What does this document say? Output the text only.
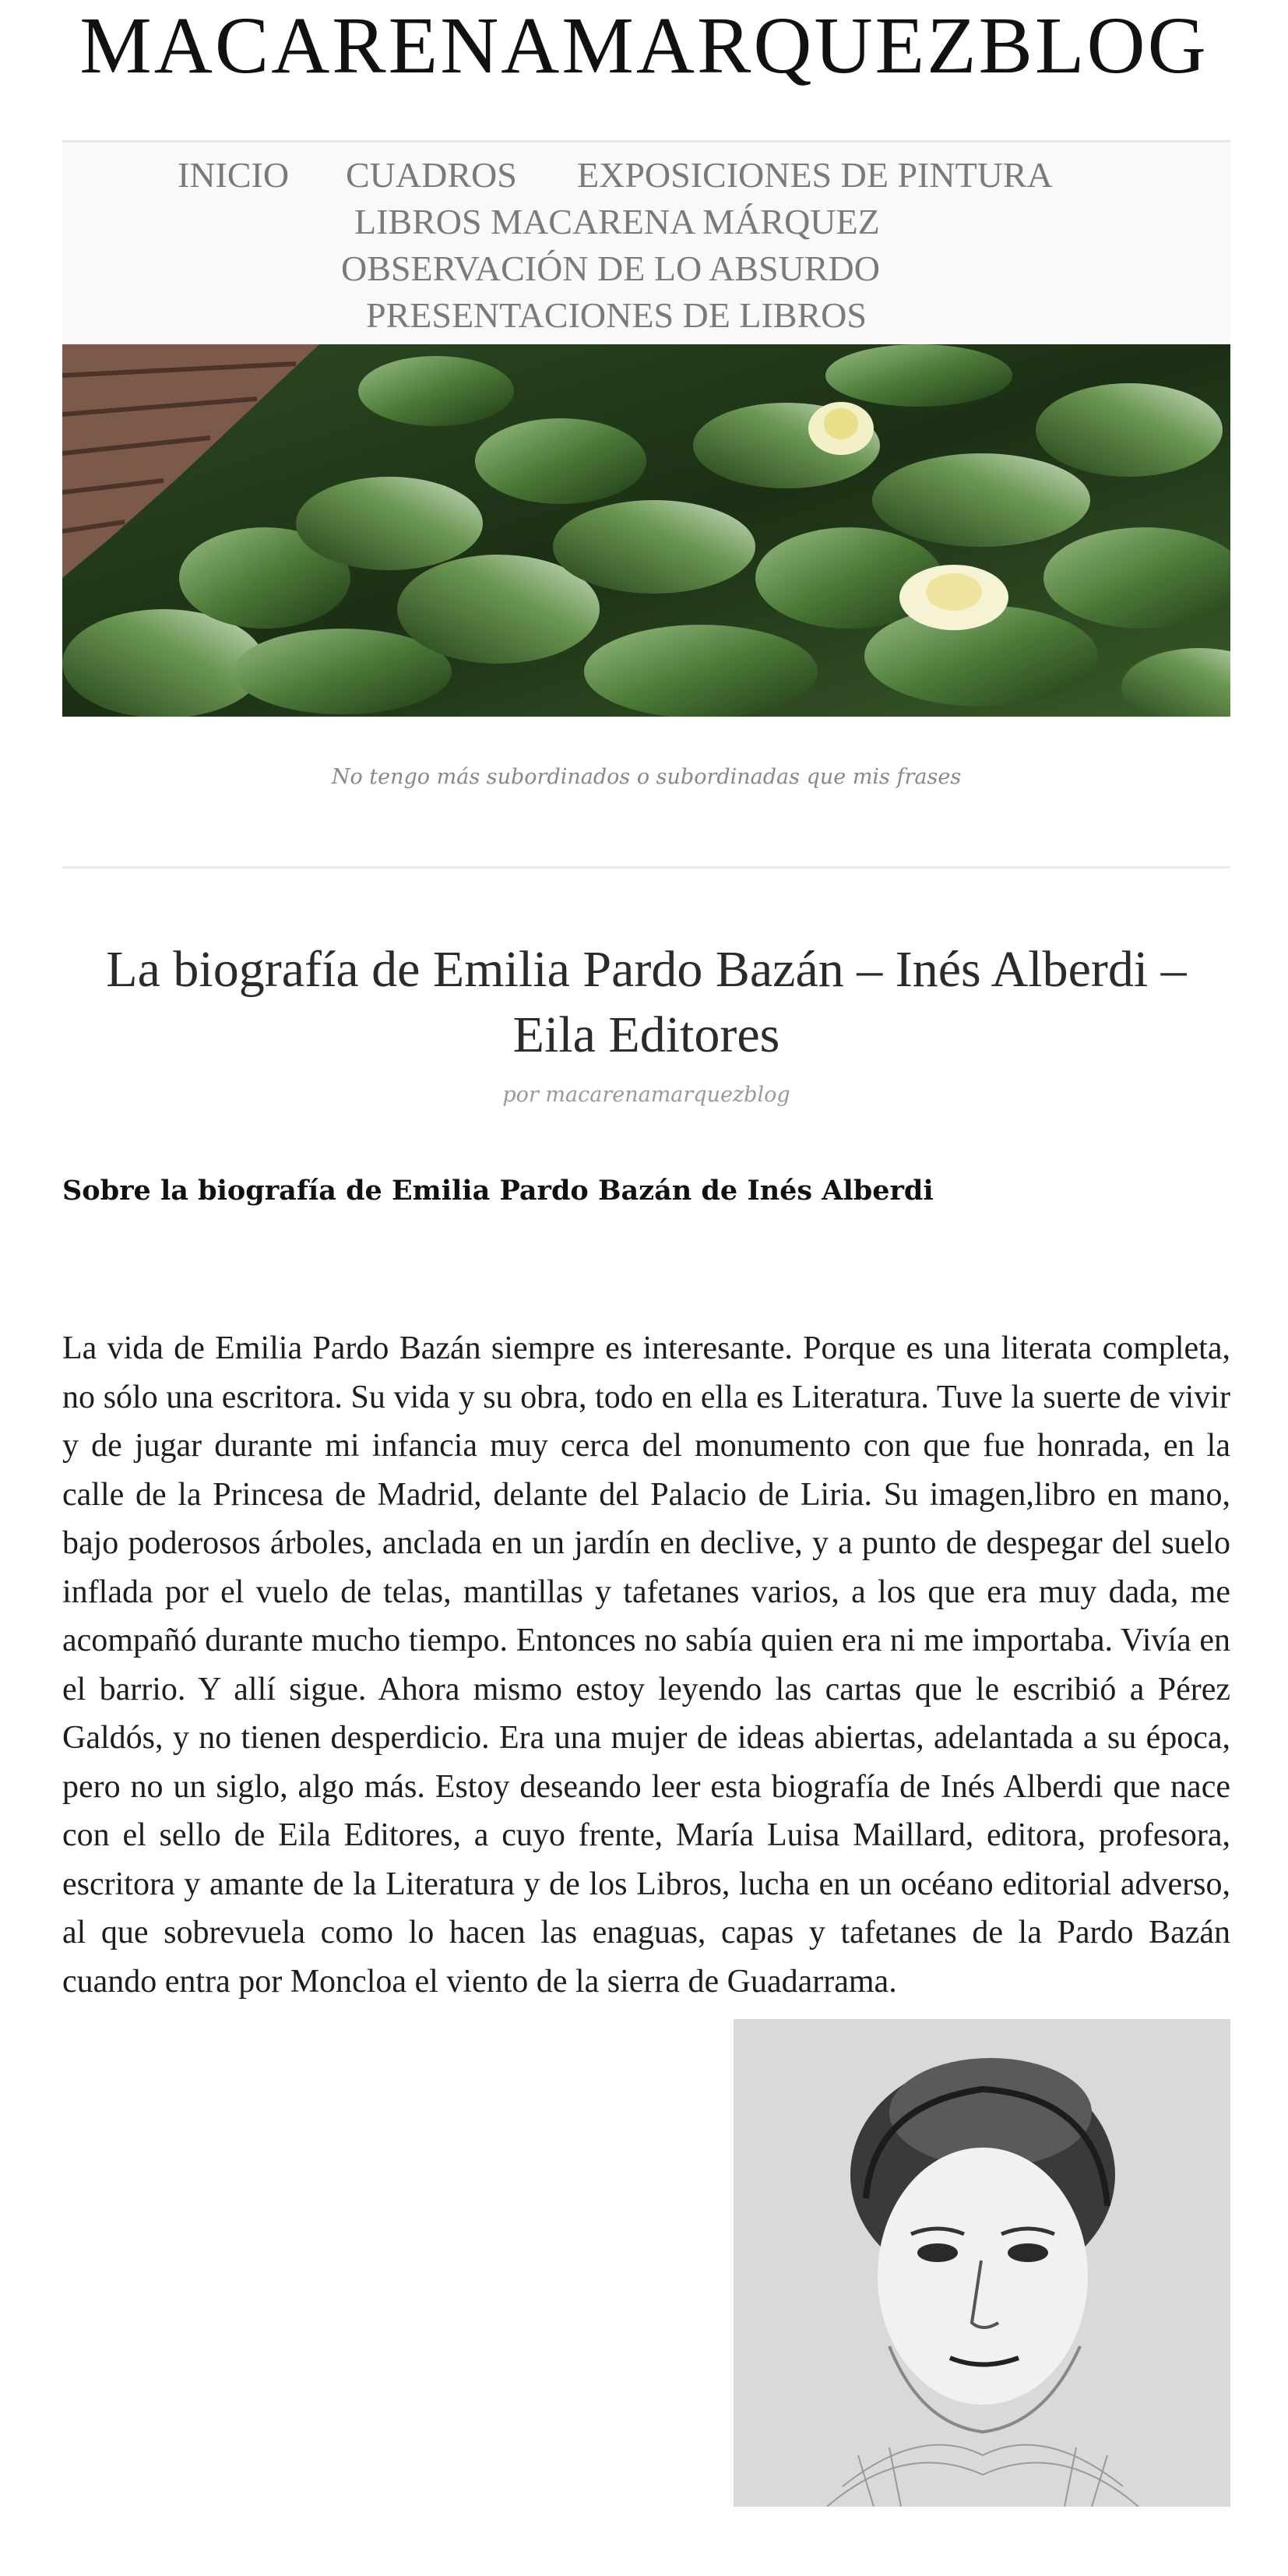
MACARENAMARQUEZBLOG
INICIO CUADROS EXPOSICIONES DE PINTURA
LIBROS MACARENA MÁRQUEZ
OBSERVACIÓN DE LO ABSURDO
PRESENTACIONES DE LIBROS
No tengo más subordinados o subordinadas que mis frases
La biografía de Emilia Pardo Bazán – Inés Alberdi – Eila Editores
por macarenamarquezblog
Sobre la biografía de Emilia Pardo Bazán de Inés Alberdi
La vida de Emilia Pardo Bazán siempre es interesante. Porque es una literata completa, no sólo una escritora. Su vida y su obra, todo en ella es Literatura. Tuve la suerte de vivir y de jugar durante mi infancia muy cerca del monumento con que fue honrada, en la calle de la Princesa de Madrid, delante del Palacio de Liria. Su imagen,libro en mano, bajo poderosos árboles, anclada en un jardín en declive, y a punto de despegar del suelo inflada por el vuelo de telas, mantillas y tafetanes varios, a los que era muy dada, me acompañó durante mucho tiempo. Entonces no sabía quien era ni me importaba. Vivía en el barrio. Y allí sigue. Ahora mismo estoy leyendo las cartas que le escribió a Pérez Galdós, y no tienen desperdicio. Era una mujer de ideas abiertas, adelantada a su época, pero no un siglo, algo más. Estoy deseando leer esta biografía de Inés Alberdi que nace con el sello de Eila Editores, a cuyo frente, María Luisa Maillard, editora, profesora, escritora y amante de la Literatura y de los Libros, lucha en un océano editorial adverso, al que sobrevuela como lo hacen las enaguas, capas y tafetanes de la Pardo Bazán cuando entra por Moncloa el viento de la sierra de Guadarrama.
